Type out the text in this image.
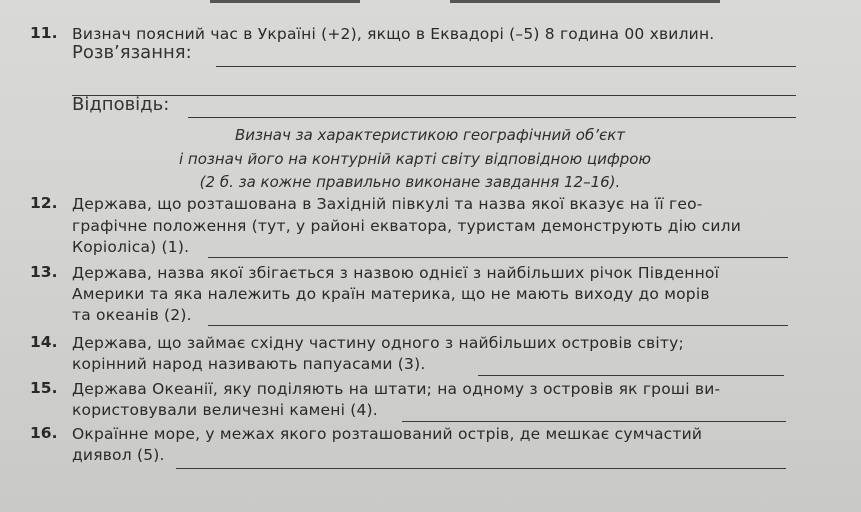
11. Визнач поясний час в Україні (+2), якщо в Еквадорі (–5) 8 година 00 хвилин.
Розв’язання:
Відповідь:
Визнач за характеристикою географічний об’єкт
і познач його на контурній карті світу відповідною цифрою
(2 б. за кожне правильно виконане завдання 12–16).
12. Держава, що розташована в Західній півкулі та назва якої вказує на її гео-
графічне положення (тут, у районі екватора, туристам демонструють дію сили
Коріоліса) (1).
13. Держава, назва якої збігається з назвою однієї з найбільших річок Південної
Америки та яка належить до країн материка, що не мають виходу до морів
та океанів (2).
14. Держава, що займає східну частину одного з найбільших островів світу;
корінний народ називають папуасами (3).
15. Держава Океанії, яку поділяють на штати; на одному з островів як гроші ви-
користовували величезні камені (4).
16. Окраїнне море, у межах якого розташований острів, де мешкає сумчастий
диявол (5).
